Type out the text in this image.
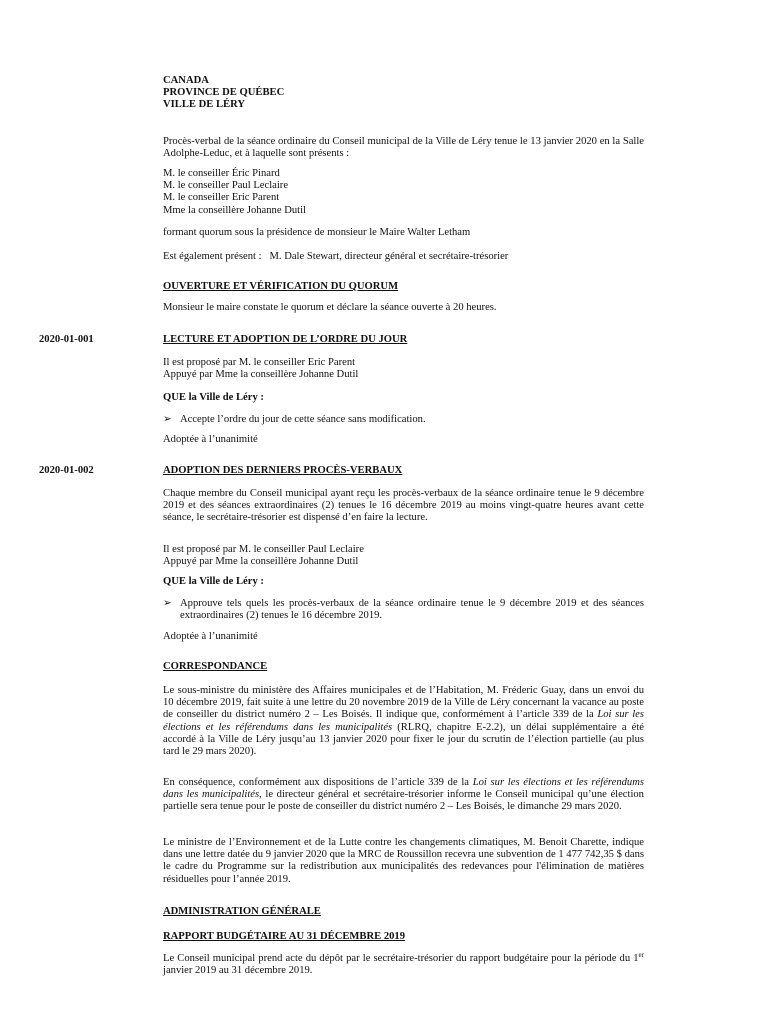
CANADA
PROVINCE DE QUÉBEC
VILLE DE LÉRY

Procès-verbal de la séance ordinaire du Conseil municipal de la Ville de Léry tenue le 13 janvier 2020 en la Salle Adolphe-Leduc, et à laquelle sont présents :

M. le conseiller Éric Pinard
M. le conseiller Paul Leclaire
M. le conseiller Eric Parent
Mme la conseillère Johanne Dutil

formant quorum sous la présidence de monsieur le Maire Walter Letham

Est également présent :   M. Dale Stewart, directeur général et secrétaire-trésorier

OUVERTURE ET VÉRIFICATION DU QUORUM

Monsieur le maire constate le quorum et déclare la séance ouverte à 20 heures.

2020-01-001	LECTURE ET ADOPTION DE L’ORDRE DU JOUR

Il est proposé par M. le conseiller Eric Parent
Appuyé par Mme la conseillère Johanne Dutil

QUE la Ville de Léry :

➢ Accepte l’ordre du jour de cette séance sans modification.

Adoptée à l’unanimité

2020-01-002	ADOPTION DES DERNIERS PROCÈS-VERBAUX

Chaque membre du Conseil municipal ayant reçu les procès-verbaux de la séance ordinaire tenue le 9 décembre 2019 et des séances extraordinaires (2) tenues le 16 décembre 2019 au moins vingt-quatre heures avant cette séance, le secrétaire-trésorier est dispensé d’en faire la lecture.

Il est proposé par M. le conseiller Paul Leclaire
Appuyé par Mme la conseillère Johanne Dutil

QUE la Ville de Léry :

➢ Approuve tels quels les procès-verbaux de la séance ordinaire tenue le 9 décembre 2019 et des séances extraordinaires (2) tenues le 16 décembre 2019.

Adoptée à l’unanimité

CORRESPONDANCE

Le sous-ministre du ministère des Affaires municipales et de l’Habitation, M. Fréderic Guay, dans un envoi du 10 décembre 2019, fait suite à une lettre du 20 novembre 2019 de la Ville de Léry concernant la vacance au poste de conseiller du district numéro 2 – Les Boisés. Il indique que, conformément à l’article 339 de la Loi sur les élections et les référendums dans les municipalités (RLRQ, chapitre E-2.2), un délai supplémentaire a été accordé à la Ville de Léry jusqu’au 13 janvier 2020 pour fixer le jour du scrutin de l’élection partielle (au plus tard le 29 mars 2020).

En conséquence, conformément aux dispositions de l’article 339 de la Loi sur les élections et les référendums dans les municipalités, le directeur général et secrétaire-trésorier informe le Conseil municipal qu’une élection partielle sera tenue pour le poste de conseiller du district numéro 2 – Les Boisés, le dimanche 29 mars 2020.

Le ministre de l’Environnement et de la Lutte contre les changements climatiques, M. Benoit Charette, indique dans une lettre datée du 9 janvier 2020 que la MRC de Roussillon recevra une subvention de 1 477 742,35 $ dans le cadre du Programme sur la redistribution aux municipalités des redevances pour l'élimination de matières résiduelles pour l’année 2019.

ADMINISTRATION GÉNÉRALE

RAPPORT BUDGÉTAIRE AU 31 DÉCEMBRE 2019

Le Conseil municipal prend acte du dépôt par le secrétaire-trésorier du rapport budgétaire pour la période du 1er janvier 2019 au 31 décembre 2019.
